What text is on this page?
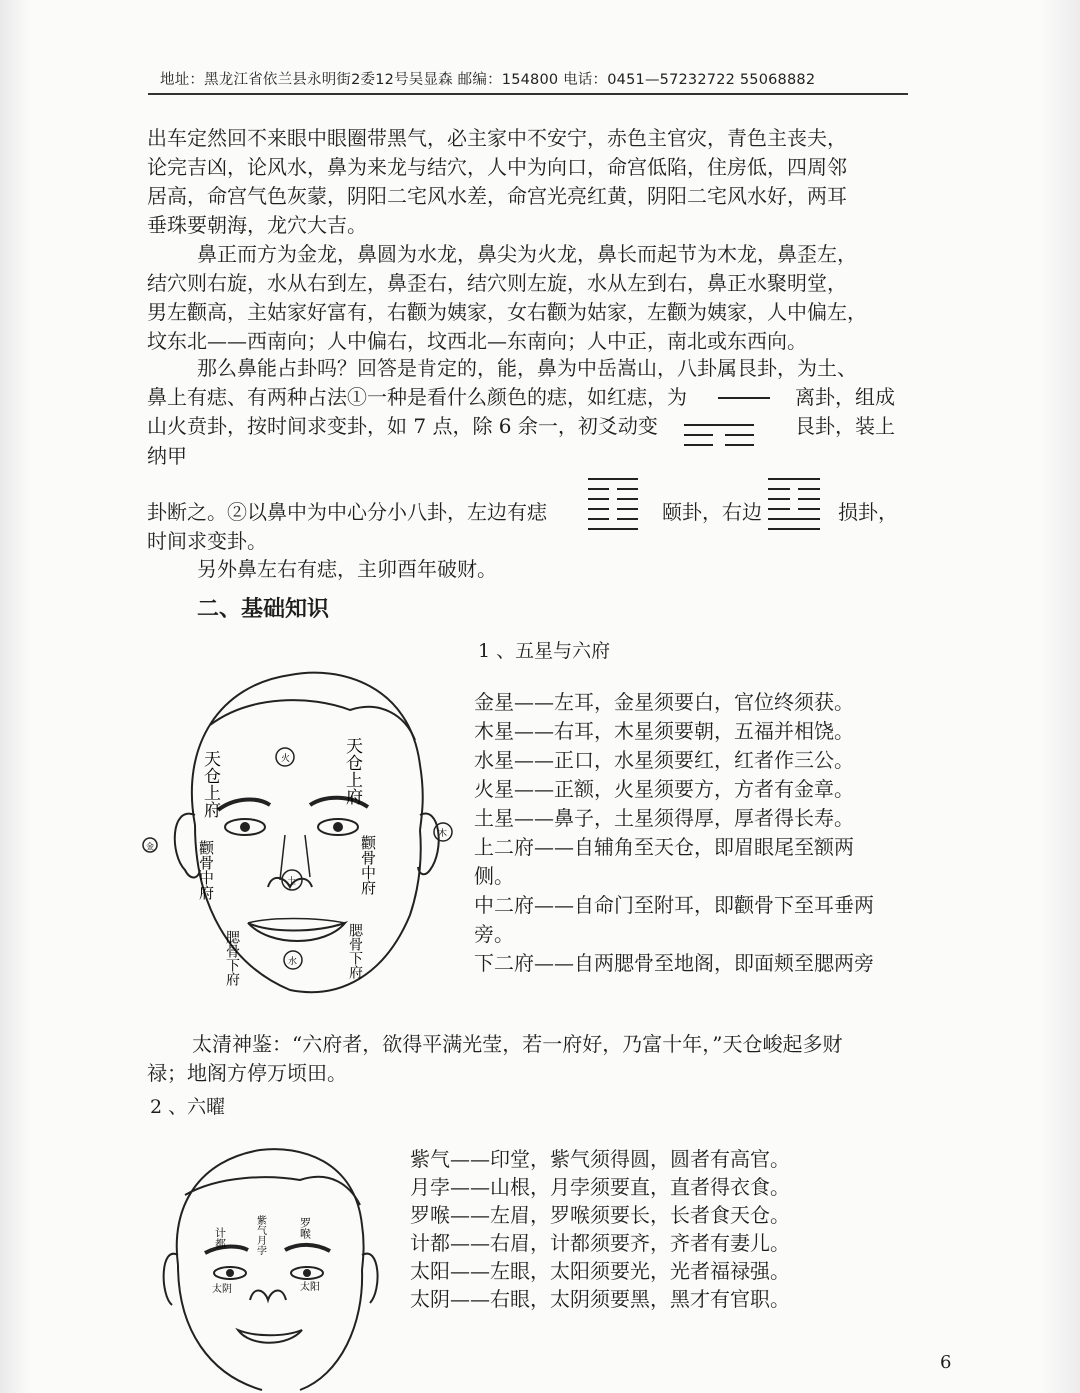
地址：黑龙江省依兰县永明街2委12号吴显森 邮编：154800 电话：0451—57232722 55068882
出车定然回不来眼中眼圈带黑气，必主家中不安宁，赤色主官灾，青色主丧夫，
论完吉凶，论风水，鼻为来龙与结穴，人中为向口，命宫低陷，住房低，四周邻
居高，命宫气色灰蒙，阴阳二宅风水差，命宫光亮红黄，阴阳二宅风水好，两耳
垂珠要朝海，龙穴大吉。
鼻正而方为金龙，鼻圆为水龙，鼻尖为火龙，鼻长而起节为木龙，鼻歪左，
结穴则右旋，水从右到左，鼻歪右，结穴则左旋，水从左到右，鼻正水聚明堂，
男左颧高，主姑家好富有，右颧为姨家，女右颧为姑家，左颧为姨家，人中偏左，
坟东北——西南向；人中偏右，坟西北—东南向；人中正，南北或东西向。
那么鼻能占卦吗？回答是肯定的，能，鼻为中岳嵩山，八卦属艮卦，为土、
鼻上有痣、有两种占法①一种是看什么颜色的痣，如红痣，为	离卦，组成
山火贲卦，按时间求变卦，如 7 点，除 6 余一，初爻动变	艮卦，装上
纳甲
卦断之。②以鼻中为中心分小八卦，左边有痣	颐卦，右边	损卦，
时间求变卦。
另外鼻左右有痣，主卯酉年破财。
二、基础知识
1 、五星与六府
火
土
水
木
金
天仓上府	天仓上府
颧骨中府	颧骨中府
腮骨下府	腮骨下府
金星——左耳，金星须要白，官位终须获。
木星——右耳，木星须要朝，五福并相饶。
水星——正口，水星须要红，红者作三公。
火星——正额，火星须要方，方者有金章。
土星——鼻子，土星须得厚，厚者得长寿。
上二府——自辅角至天仓，即眉眼尾至额两
侧。
中二府——自命门至附耳，即颧骨下至耳垂两
旁。
下二府——自两腮骨至地阁，即面颊至腮两旁
太清神鉴：“六府者，欲得平满光莹，若一府好，乃富十年，”天仓峻起多财
禄；地阁方停万顷田。
2 、六曜
计都	紫气月孛	罗喉
太阴	太阳
紫气——印堂，紫气须得圆，圆者有高官。
月孛——山根，月孛须要直，直者得衣食。
罗喉——左眉，罗喉须要长，长者食天仓。
计都——右眉，计都须要齐，齐者有妻儿。
太阳——左眼，太阳须要光，光者福禄强。
太阴——右眼，太阴须要黑，黑才有官职。
6
